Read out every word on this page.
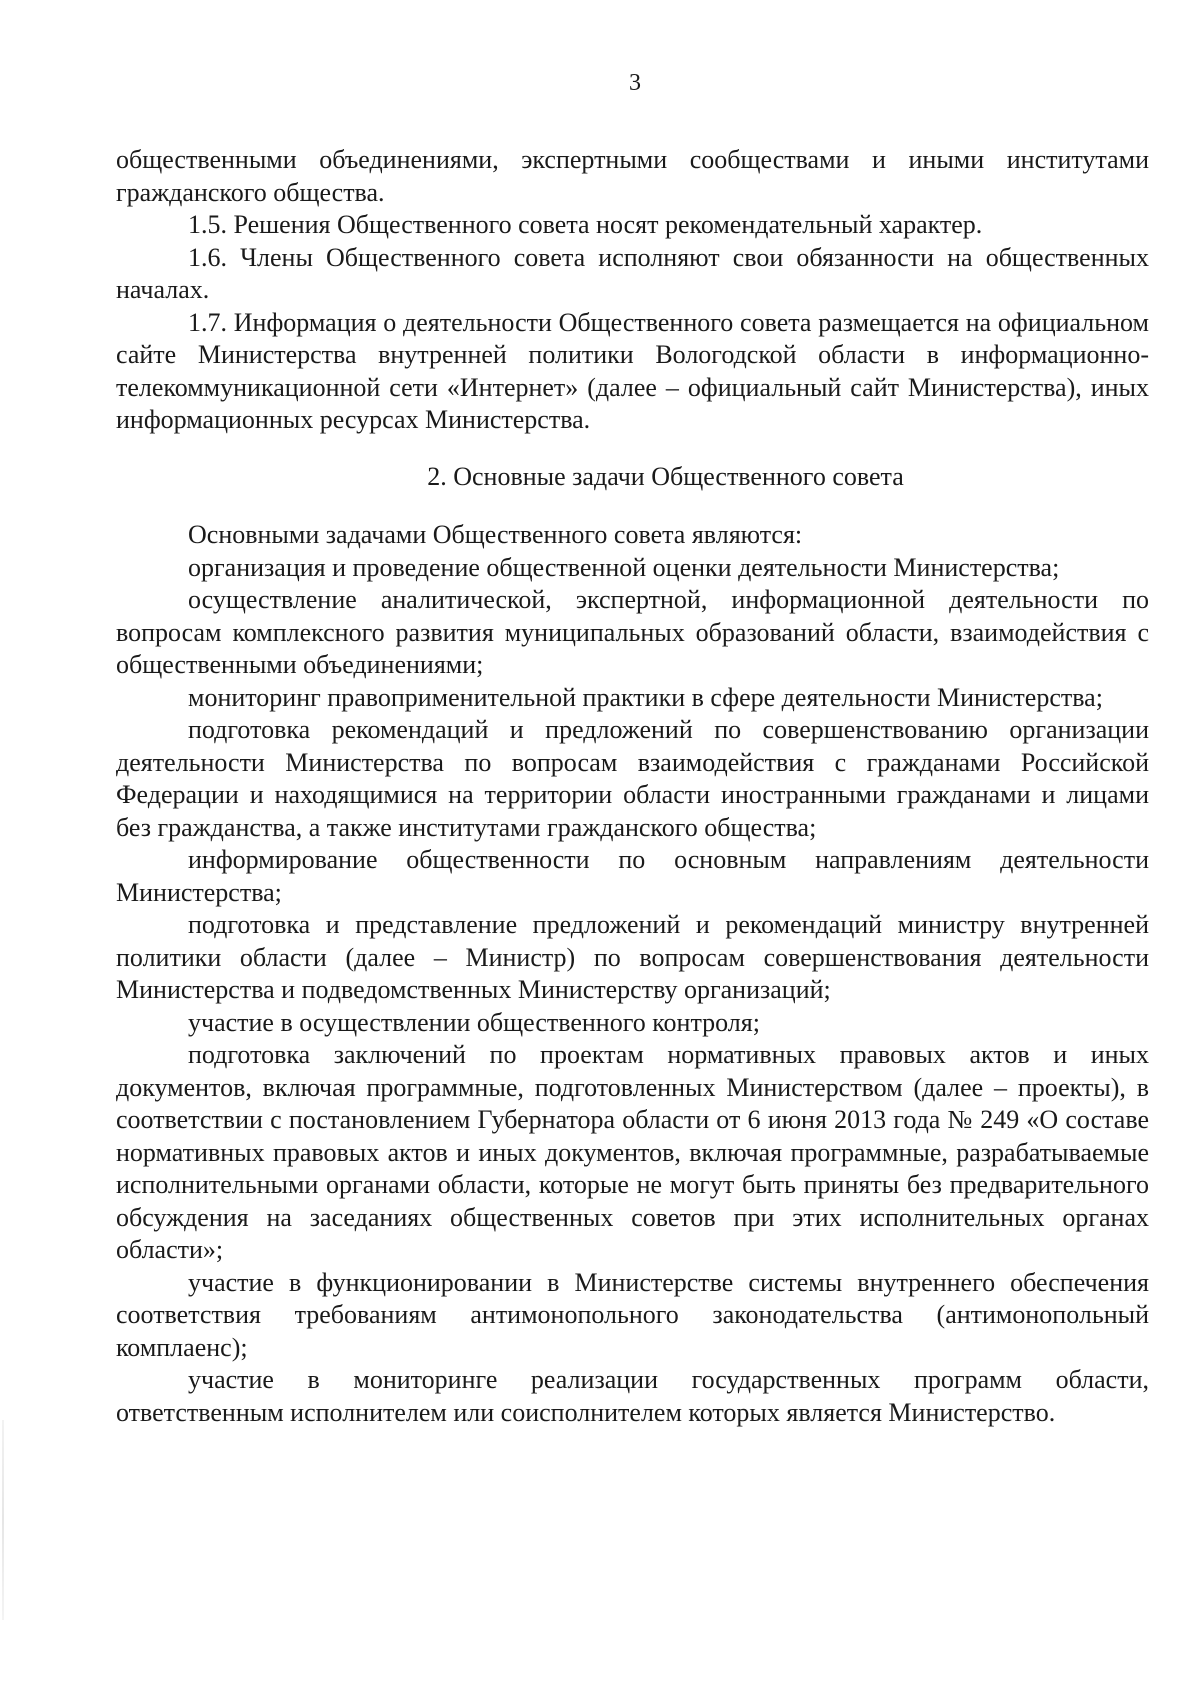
3

общественными объединениями, экспертными сообществами и иными институтами гражданского общества.

1.5. Решения Общественного совета носят рекомендательный характер.

1.6. Члены Общественного совета исполняют свои обязанности на общественных началах.

1.7. Информация о деятельности Общественного совета размещается на официальном сайте Министерства внутренней политики Вологодской области в информационно-телекоммуникационной сети «Интернет» (далее – официальный сайт Министерства), иных информационных ресурсах Министерства.

2. Основные задачи Общественного совета

Основными задачами Общественного совета являются:

организация и проведение общественной оценки деятельности Министерства;

осуществление аналитической, экспертной, информационной деятельности по вопросам комплексного развития муниципальных образований области, взаимодействия с общественными объединениями;

мониторинг правоприменительной практики в сфере деятельности Министерства;

подготовка рекомендаций и предложений по совершенствованию организации деятельности Министерства по вопросам взаимодействия с гражданами Российской Федерации и находящимися на территории области иностранными гражданами и лицами без гражданства, а также институтами гражданского общества;

информирование общественности по основным направлениям деятельности Министерства;

подготовка и представление предложений и рекомендаций министру внутренней политики области (далее – Министр) по вопросам совершенствования деятельности Министерства и подведомственных Министерству организаций;

участие в осуществлении общественного контроля;

подготовка заключений по проектам нормативных правовых актов и иных документов, включая программные, подготовленных Министерством (далее – проекты), в соответствии с постановлением Губернатора области от 6 июня 2013 года № 249 «О составе нормативных правовых актов и иных документов, включая программные, разрабатываемые исполнительными органами области, которые не могут быть приняты без предварительного обсуждения на заседаниях общественных советов при этих исполнительных органах области»;

участие в функционировании в Министерстве системы внутреннего обеспечения соответствия требованиям антимонопольного законодательства (антимонопольный комплаенс);

участие в мониторинге реализации государственных программ области, ответственным исполнителем или соисполнителем которых является Министерство.
